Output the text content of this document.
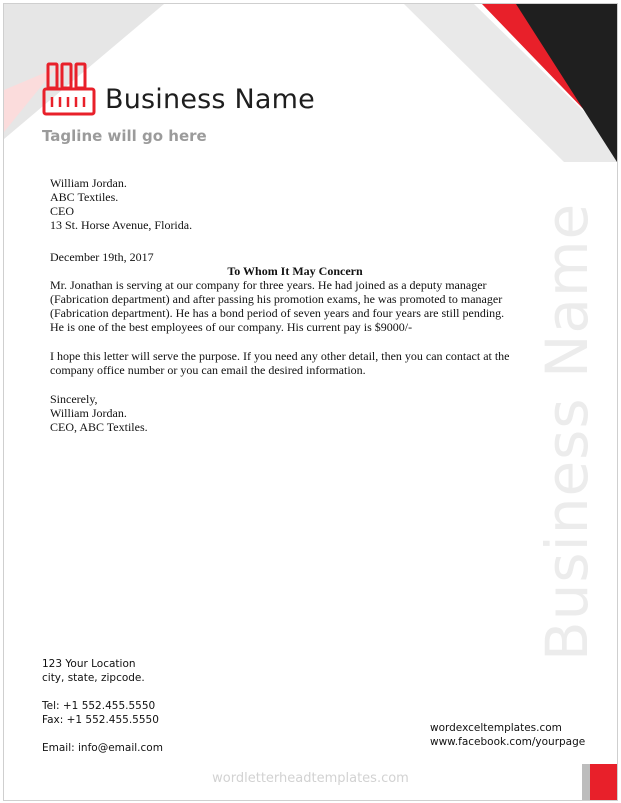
Business Name
Tagline will go here
Business Name

William Jordan.

ABC Textiles.

CEO

13 St. Horse Avenue, Florida.

December 19th, 2017

To Whom It May Concern

Mr. Jonathan is serving at our company for three years. He had joined as a deputy manager

(Fabrication department) and after passing his promotion exams, he was promoted to manager

(Fabrication department). He has a bond period of seven years and four years are still pending.

He is one of the best employees of our company. His current pay is $9000/-

I hope this letter will serve the purpose. If you need any other detail, then you can contact at the

company office number or you can email the desired information.

Sincerely,

William Jordan.

CEO, ABC Textiles.

123 Your Location
city, state, zipcode.
Tel: +1 552.455.5550
Fax: +1 552.455.5550
Email: info@email.com
wordexceltemplates.com
www.facebook.com/yourpage
wordletterheadtemplates.com
